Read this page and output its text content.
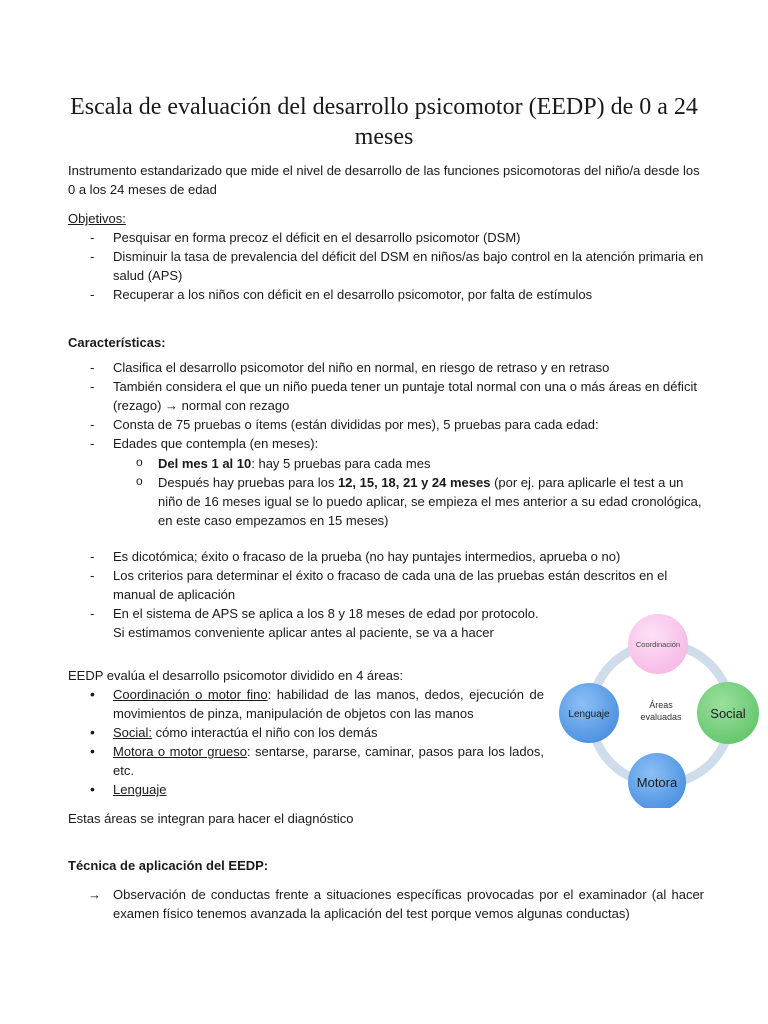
Escala de evaluación del desarrollo psicomotor (EEDP) de 0 a 24 meses
Instrumento estandarizado que mide el nivel de desarrollo de las funciones psicomotoras del niño/a desde los 0 a los 24 meses de edad
Objetivos:
- Pesquisar en forma precoz el déficit en el desarrollo psicomotor (DSM)
- Disminuir la tasa de prevalencia del déficit del DSM en niños/as bajo control en la atención primaria en salud (APS)
- Recuperar a los niños con déficit en el desarrollo psicomotor, por falta de estímulos
Características:
- Clasifica el desarrollo psicomotor del niño en normal, en riesgo de retraso y en retraso
- También considera el que un niño pueda tener un puntaje total normal con una o más áreas en déficit (rezago) → normal con rezago
- Consta de 75 pruebas o ítems (están divididas por mes), 5 pruebas para cada edad:
- Edades que contempla (en meses):
o Del mes 1 al 10: hay 5 pruebas para cada mes
o Después hay pruebas para los 12, 15, 18, 21 y 24 meses (por ej. para aplicarle el test a un niño de 16 meses igual se lo puedo aplicar, se empieza el mes anterior a su edad cronológica, en este caso empezamos en 15 meses)
- Es dicotómica; éxito o fracaso de la prueba (no hay puntajes intermedios, aprueba o no)
- Los criterios para determinar el éxito o fracaso de cada una de las pruebas están descritos en el manual de aplicación
- En el sistema de APS se aplica a los 8 y 18 meses de edad por protocolo. Si estimamos conveniente aplicar antes al paciente, se va a hacer
EEDP evalúa el desarrollo psicomotor dividido en 4 áreas:
• Coordinación o motor fino: habilidad de las manos, dedos, ejecución de movimientos de pinza, manipulación de objetos con las manos
• Social: cómo interactúa el niño con los demás
• Motora o motor grueso: sentarse, pararse, caminar, pasos para los lados, etc.
• Lenguaje
Estas áreas se integran para hacer el diagnóstico
Áreas
evaluadas
Coordinación
Social
Motora
Lenguaje
Técnica de aplicación del EEDP:
→ Observación de conductas frente a situaciones específicas provocadas por el examinador (al hacer examen físico tenemos avanzada la aplicación del test porque vemos algunas conductas)
